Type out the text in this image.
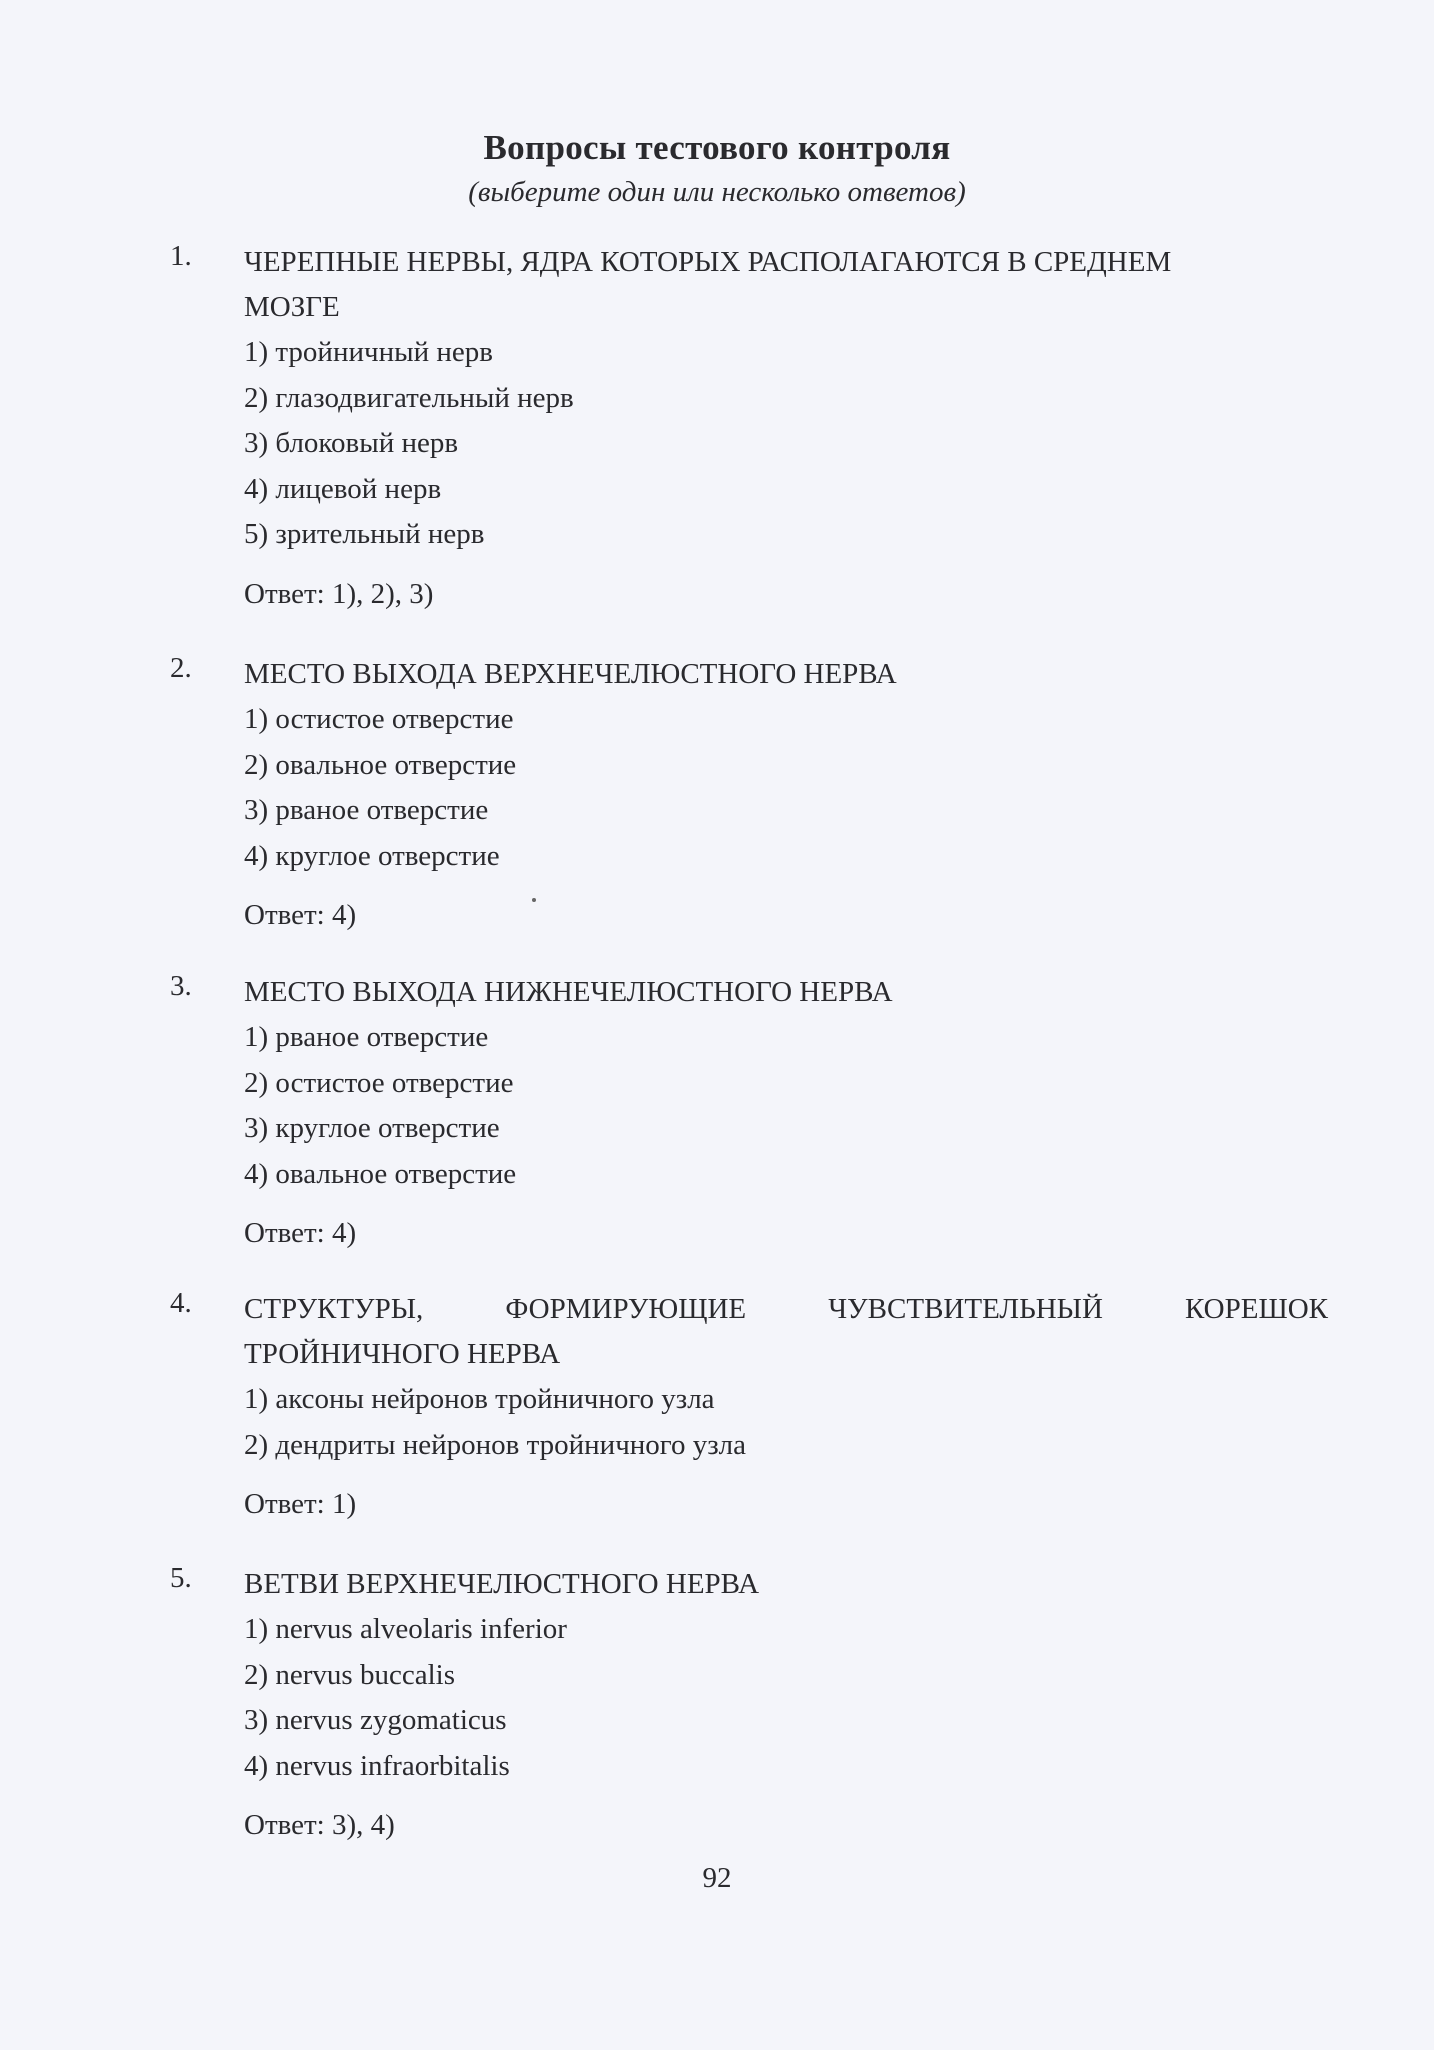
Вопросы тестового контроля
(выберите один или несколько ответов)
1.	ЧЕРЕПНЫЕ НЕРВЫ, ЯДРА КОТОРЫХ РАСПОЛАГАЮТСЯ В СРЕДНЕМ
МОЗГЕ
1) тройничный нерв
2) глазодвигательный нерв
3) блоковый нерв
4) лицевой нерв
5) зрительный нерв
Ответ: 1), 2), 3)
2.	МЕСТО ВЫХОДА ВЕРХНЕЧЕЛЮСТНОГО НЕРВА
1) остистое отверстие
2) овальное отверстие
3) рваное отверстие
4) круглое отверстие
Ответ: 4)
3.	МЕСТО ВЫХОДА НИЖНЕЧЕЛЮСТНОГО НЕРВА
1) рваное отверстие
2) остистое отверстие
3) круглое отверстие
4) овальное отверстие
Ответ: 4)
4.	СТРУКТУРЫ, ФОРМИРУЮЩИЕ ЧУВСТВИТЕЛЬНЫЙ КОРЕШОК
ТРОЙНИЧНОГО НЕРВА
1) аксоны нейронов тройничного узла
2) дендриты нейронов тройничного узла
Ответ: 1)
5.	ВЕТВИ ВЕРХНЕЧЕЛЮСТНОГО НЕРВА
1) nervus alveolaris inferior
2) nervus buccalis
3) nervus zygomaticus
4) nervus infraorbitalis
Ответ: 3), 4)
92
